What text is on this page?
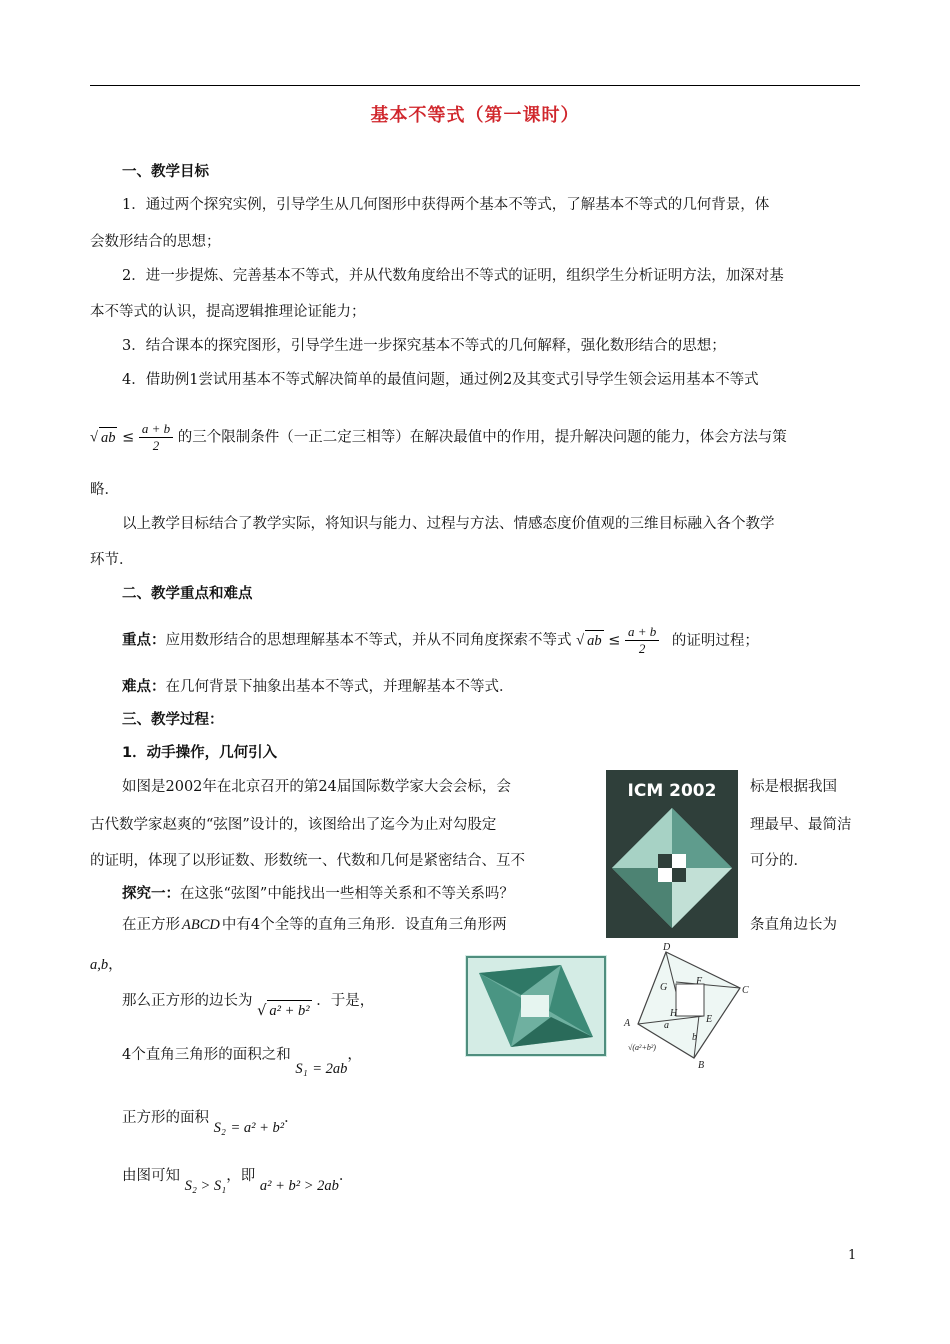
基本不等式（第一课时）
一、教学目标
1．通过两个探究实例，引导学生从几何图形中获得两个基本不等式，了解基本不等式的几何背景，体
会数形结合的思想；
2．进一步提炼、完善基本不等式，并从代数角度给出不等式的证明，组织学生分析证明方法，加深对基
本不等式的认识，提高逻辑推理论证能力；
3．结合课本的探究图形，引导学生进一步探究基本不等式的几何解释，强化数形结合的思想；
4．借助例1尝试用基本不等式解决简单的最值问题，通过例2及其变式引导学生领会运用基本不等式
√ ab ≤ $\frac{a + b}{2}$ 的三个限制条件（一正二定三相等）在解决最值中的作用，提升解决问题的能力，体会方法与策
略．
以上教学目标结合了教学实际，将知识与能力、过程与方法、情感态度价值观的三维目标融入各个教学
环节．
二、教学重点和难点
重点：应用数形结合的思想理解基本不等式，并从不同角度探索不等式 √ ab ≤ $\frac{a + b}{2}$ 的证明过程；
难点：在几何背景下抽象出基本不等式，并理解基本不等式．
三、教学过程：
1．动手操作，几何引入
如图是2002年在北京召开的第24届国际数学家大会会标，会	标是根据我国
古代数学家赵爽的“弦图”设计的，该图给出了迄今为止对勾股定	理最早、最简洁
的证明，体现了以形证数、形数统一、代数和几何是紧密结合、互不	可分的．
探究一：在这张“弦图”中能找出一些相等关系和不等关系吗？
在正方形 ABCD 中有4个全等的直角三角形．设直角三角形两	条直角边长为
a,b，
那么正方形的边长为 √ a² + b² ．于是，
4个直角三角形的面积之和 S₁ = 2ab，
正方形的面积 S₂ = a² + b²．
由图可知 S₂ > S₁，即 a² + b² > 2ab．
ICM 2002
D
C
A
B
G
F
H
E
a
b
√(a²+b²)
1
